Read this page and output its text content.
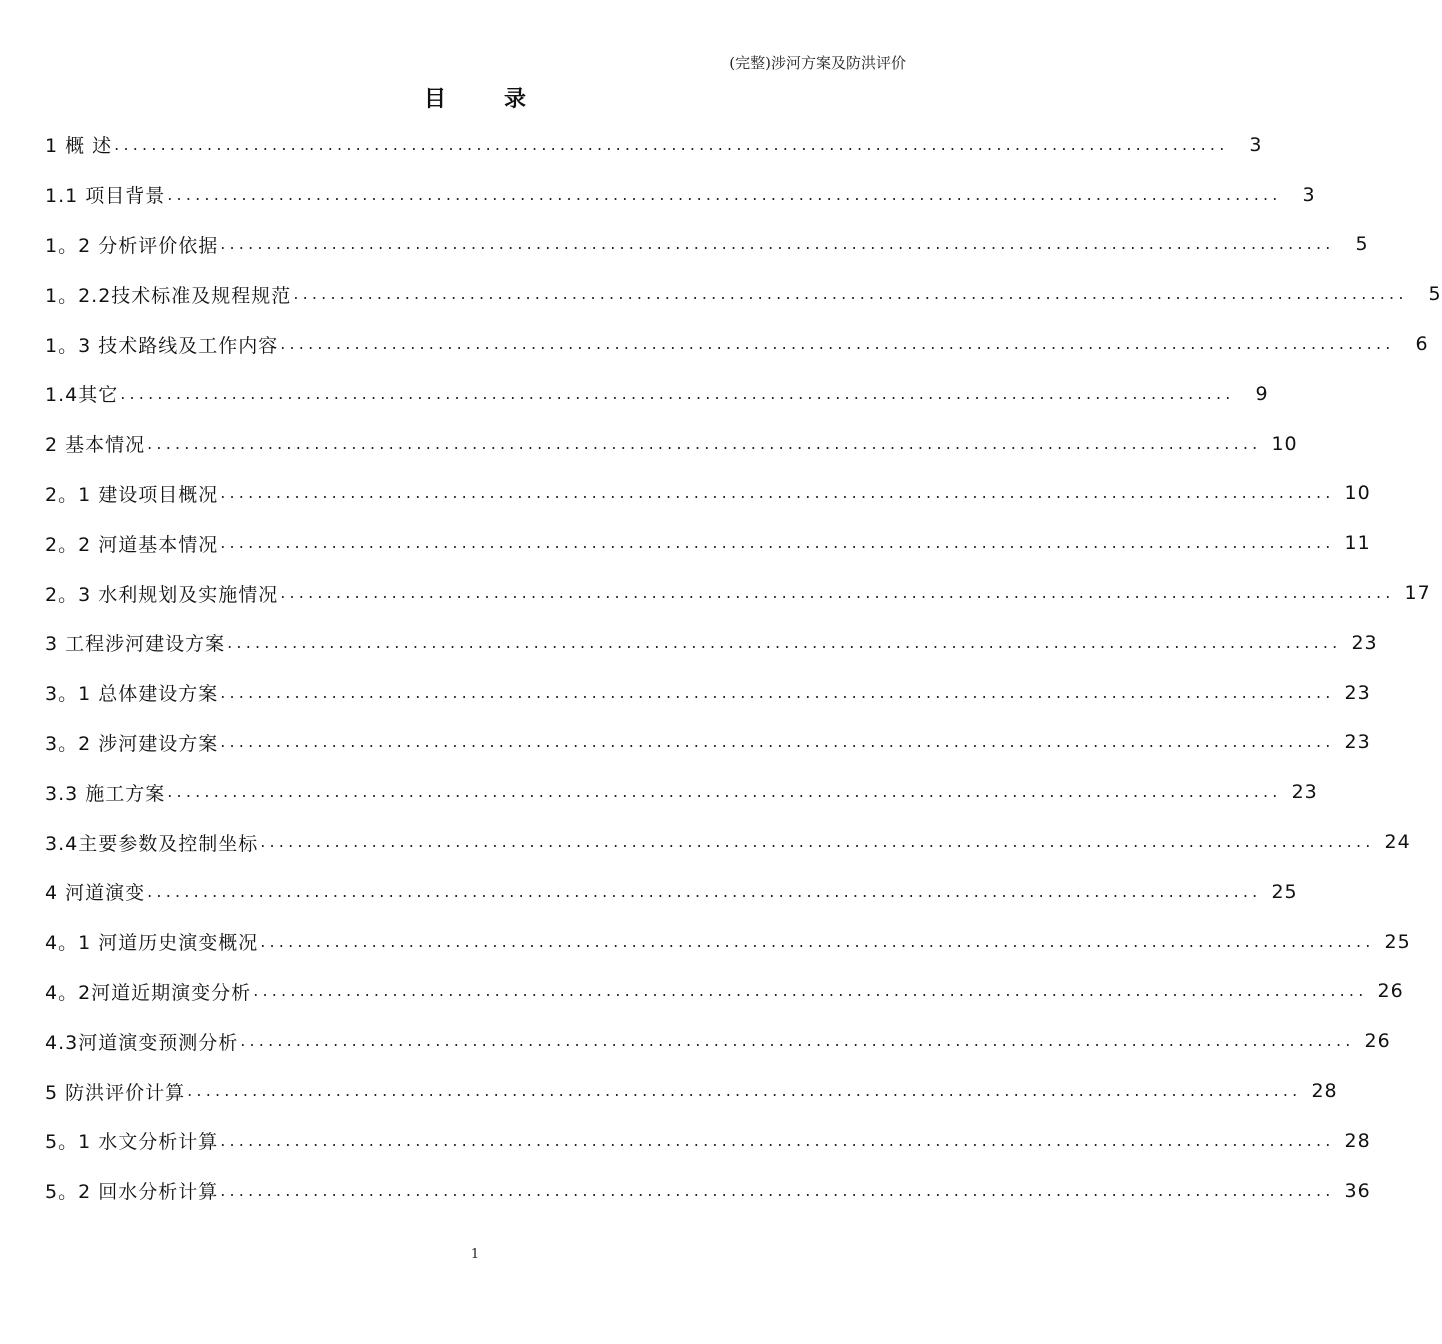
(完整)涉河方案及防洪评价
目	录
1 概 述 ........................................................................................................................	3
1.1 项目背景 ........................................................................................................................	3
1。2 分析评价依据 ........................................................................................................................	5
1。2.2技术标准及规程规范 ........................................................................................................................	5
1。3 技术路线及工作内容 ........................................................................................................................	6
1.4其它 ........................................................................................................................	9
2 基本情况 ........................................................................................................................ 10
2。1 建设项目概况 ........................................................................................................................ 10
2。2 河道基本情况 ........................................................................................................................ 11
2。3 水利规划及实施情况 ........................................................................................................................ 17
3 工程涉河建设方案 ........................................................................................................................ 23
3。1 总体建设方案 ........................................................................................................................ 23
3。2 涉河建设方案 ........................................................................................................................ 23
3.3 施工方案 ........................................................................................................................ 23
3.4主要参数及控制坐标 ........................................................................................................................ 24
4 河道演变 ........................................................................................................................ 25
4。1 河道历史演变概况 ........................................................................................................................ 25
4。2河道近期演变分析 ........................................................................................................................ 26
4.3河道演变预测分析 ........................................................................................................................ 26
5 防洪评价计算 ........................................................................................................................ 28
5。1 水文分析计算 ........................................................................................................................ 28
5。2 回水分析计算 ........................................................................................................................ 36
1
